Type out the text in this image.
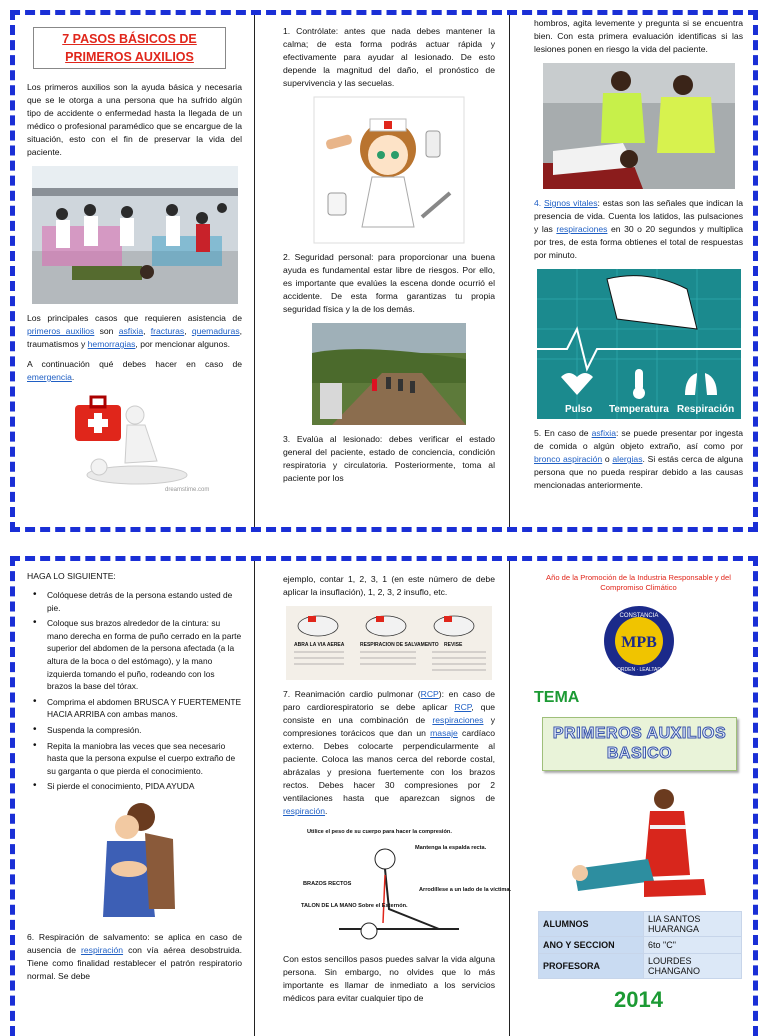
7 PASOS BÁSICOS DE PRIMEROS AUXILIOS

Los primeros auxilios son la ayuda básica y necesaria que se le otorga a una persona que ha sufrido algún tipo de accidente o enfermedad hasta la llegada de un médico o profesional paramédico que se encargue de la situación, esto con el fin de preservar la vida del paciente.

Los principales casos que requieren asistencia de primeros auxilios son asfixia, fracturas, quemaduras, traumatismos y hemorragias, por mencionar algunos.

A continuación qué debes hacer en caso de emergencia.

dreamstime.com

1. Contrólate: antes que nada debes mantener la calma; de esta forma podrás actuar rápida y efectivamente para ayudar al lesionado. De esto depende la magnitud del daño, el pronóstico de supervivencia y las secuelas.

2. Seguridad personal: para proporcionar una buena ayuda es fundamental estar libre de riesgos. Por ello, es importante que evalúes la escena donde ocurrió el accidente. De esta forma garantizas tu propia seguridad física y la de los demás.

3. Evalúa al lesionado: debes verificar el estado general del paciente, estado de conciencia, condición respiratoria y circulatoria. Posteriormente, toma al paciente por los

hombros, agita levemente y pregunta si se encuentra bien. Con esta primera evaluación identificas si las lesiones ponen en riesgo la vida del paciente.

4. Signos vitales: estas son las señales que indican la presencia de vida. Cuenta los latidos, las pulsaciones y las respiraciones en 30 o 20 segundos y multiplica por tres, de esta forma obtienes el total de respuestas por minuto.

Pulso Temperatura Respiración

5. En caso de asfixia: se puede presentar por ingesta de comida o algún objeto extraño, así como por bronco aspiración o alergias. Si estás cerca de alguna persona que no pueda respirar debido a las causas mencionadas anteriormente.

HAGA LO SIGUIENTE:
• Colóquese detrás de la persona estando usted de pie.
• Coloque sus brazos alrededor de la cintura: su mano derecha en forma de puño cerrado en la parte superior del abdomen de la persona afectada (a la altura de la boca o del estómago), y la mano izquierda tomando el puño, rodeando con los brazos la base del tórax.
• Comprima el abdomen BRUSCA Y FUERTEMENTE HACIA ARRIBA con ambas manos.
• Suspenda la compresión.
• Repita la maniobra las veces que sea necesario hasta que la persona expulse el cuerpo extraño de su garganta o que pierda el conocimiento.
• Si pierde el conocimiento, PIDA AYUDA

6. Respiración de salvamento: se aplica en caso de ausencia de respiración con vía aérea desobstruida. Tiene como finalidad restablecer el patrón respiratorio normal. Se debe

ejemplo, contar 1, 2, 3, 1 (en este número de debe aplicar la insuflación), 1, 2, 3, 2 insuflo, etc.

ABRA LA VIA AEREA	RESPIRACION DE SALVAMENTO REVISE

7. Reanimación cardio pulmonar (RCP): en caso de paro cardiorespiratorio se debe aplicar RCP, que consiste en una combinación de respiraciones y compresiones torácicos que dan un masaje cardíaco externo. Debes colocarte perpendicularmente al paciente. Coloca las manos cerca del reborde costal, abrázalas y presiona fuertemente con los brazos rectos. Debes hacer 30 compresiones por 2 ventilaciones hasta que aparezcan signos de respiración.

Utilice el peso de su cuerpo para hacer la compresión.
Mantenga la espalda recta.
BRAZOS RECTOS
TALON DE LA MANO Sobre el Esternón.
Arrodíllese a un lado de la víctima.

Con estos sencillos pasos puedes salvar la vida alguna persona. Sin embargo, no olvides que lo más importante es llamar de inmediato a los servicios médicos para evitar cualquier tipo de

Año de la Promoción de la Industria Responsable y del Compromiso Climático
CONSTANCIA
MPB
ORDEN · LEALTAD
TEMA
PRIMEROS AUXILIOS
BASICO
ALUMNOS	LIA SANTOS HUARANGA
ANO Y SECCION	6to "C"
PROFESORA	LOURDES CHANGANO
2014
